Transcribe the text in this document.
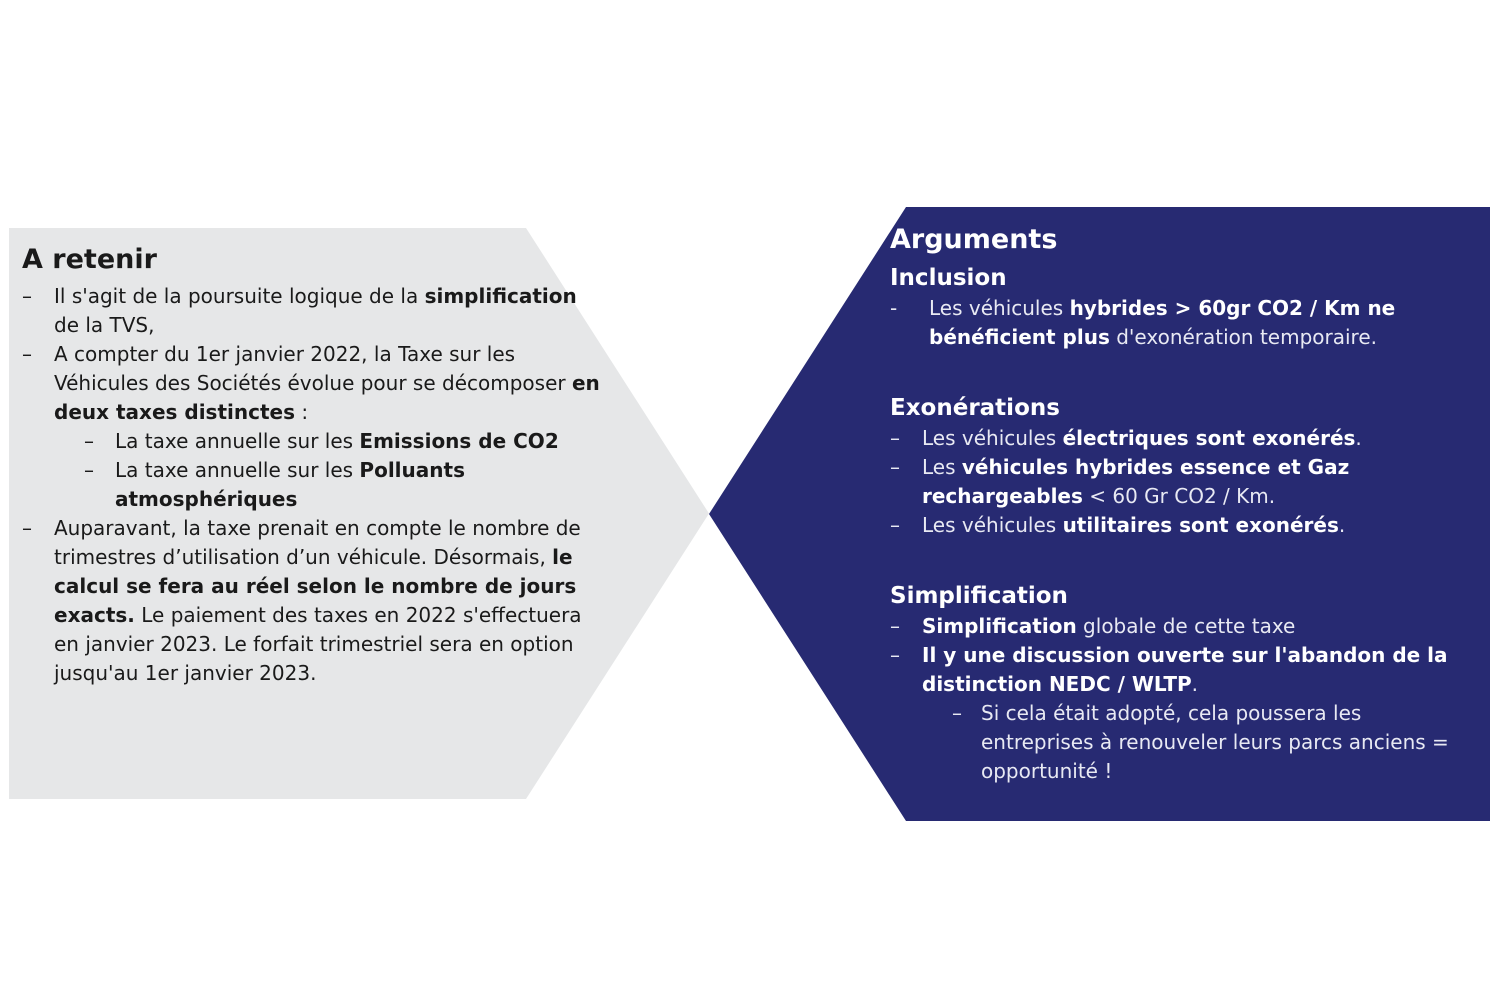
A retenir
– Il s'agit de la poursuite logique de la simplification de la TVS,
– A compter du 1er janvier 2022, la Taxe sur les Véhicules des Sociétés évolue pour se décomposer en deux taxes distinctes :
– La taxe annuelle sur les Emissions de CO2
– La taxe annuelle sur les Polluants atmosphériques
– Auparavant, la taxe prenait en compte le nombre de trimestres d’utilisation d’un véhicule. Désormais, le calcul se fera au réel selon le nombre de jours exacts. Le paiement des taxes en 2022 s'effectuera en janvier 2023. Le forfait trimestriel sera en option jusqu'au 1er janvier 2023.
Arguments
Inclusion
- Les véhicules hybrides > 60gr CO2 / Km ne bénéficient plus d'exonération temporaire.
Exonérations
– Les véhicules électriques sont exonérés.
– Les véhicules hybrides essence et Gaz rechargeables < 60 Gr CO2 / Km.
– Les véhicules utilitaires sont exonérés.
Simplification
– Simplification globale de cette taxe
– Il y une discussion ouverte sur l'abandon de la distinction NEDC / WLTP.
– Si cela était adopté, cela poussera les entreprises à renouveler leurs parcs anciens = opportunité !
